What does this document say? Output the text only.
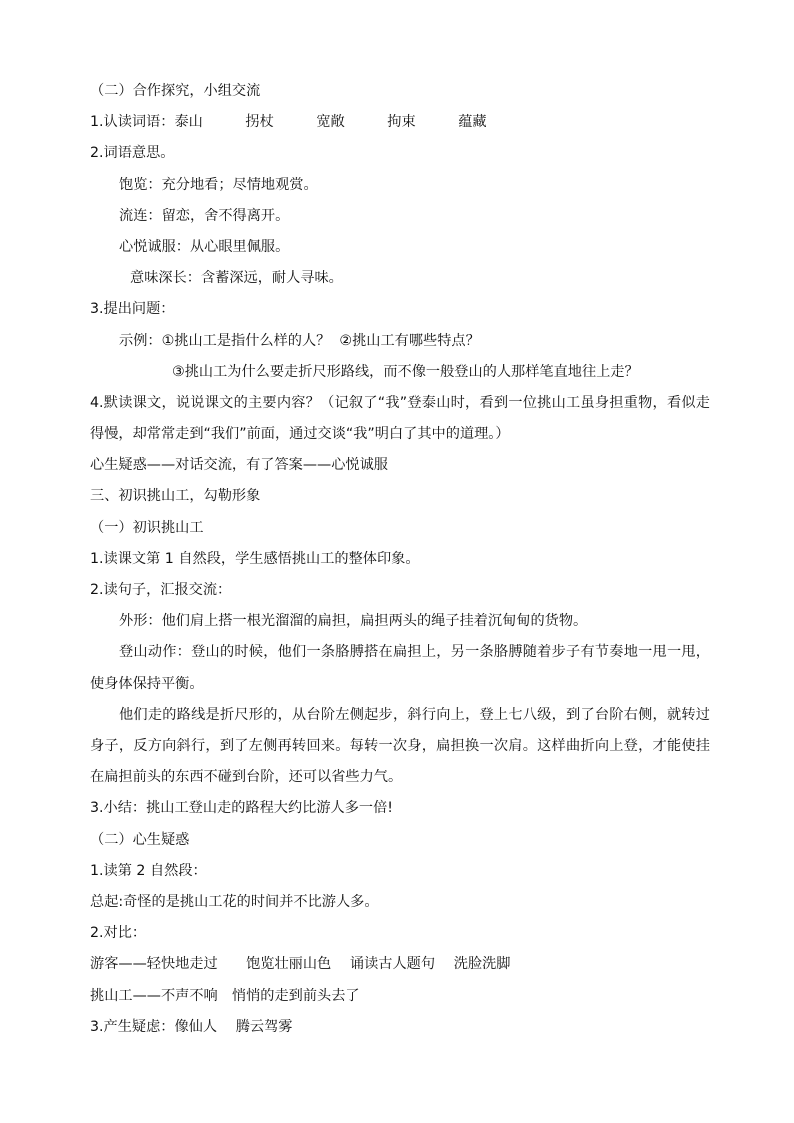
（二）合作探究，小组交流
1.认读词语：泰山　　　拐杖　　　宽敞　　　拘束　　　蕴藏
2.词语意思。
饱览：充分地看；尽情地观赏。
流连：留恋，舍不得离开。
心悦诚服：从心眼里佩服。
意味深长：含蓄深远，耐人寻味。
3.提出问题：
示例：①挑山工是指什么样的人？  ②挑山工有哪些特点？
③挑山工为什么要走折尺形路线，而不像一般登山的人那样笔直地往上走？
4.默读课文，说说课文的主要内容？（记叙了“我”登泰山时，看到一位挑山工虽身担重物，看似走得慢，却常常走到“我们”前面，通过交谈“我”明白了其中的道理。）
心生疑惑——对话交流，有了答案——心悦诚服
三、初识挑山工，勾勒形象
（一）初识挑山工
1.读课文第 1 自然段，学生感悟挑山工的整体印象。
2.读句子，汇报交流：
外形：他们肩上搭一根光溜溜的扁担，扁担两头的绳子挂着沉甸甸的货物。
登山动作：登山的时候，他们一条胳膊搭在扁担上，另一条胳膊随着步子有节奏地一甩一甩，使身体保持平衡。
他们走的路线是折尺形的，从台阶左侧起步，斜行向上，登上七八级，到了台阶右侧，就转过身子，反方向斜行，到了左侧再转回来。每转一次身，扁担换一次肩。这样曲折向上登，才能使挂在扁担前头的东西不碰到台阶，还可以省些力气。
3.小结：挑山工登山走的路程大约比游人多一倍!
（二）心生疑惑
1.读第 2 自然段：
总起:奇怪的是挑山工花的时间并不比游人多。
2.对比：
游客——轻快地走过　　饱览壮丽山色　 诵读古人题句　 洗脸洗脚
挑山工——不声不响　悄悄的走到前头去了
3.产生疑虑：像仙人　 腾云驾雾
